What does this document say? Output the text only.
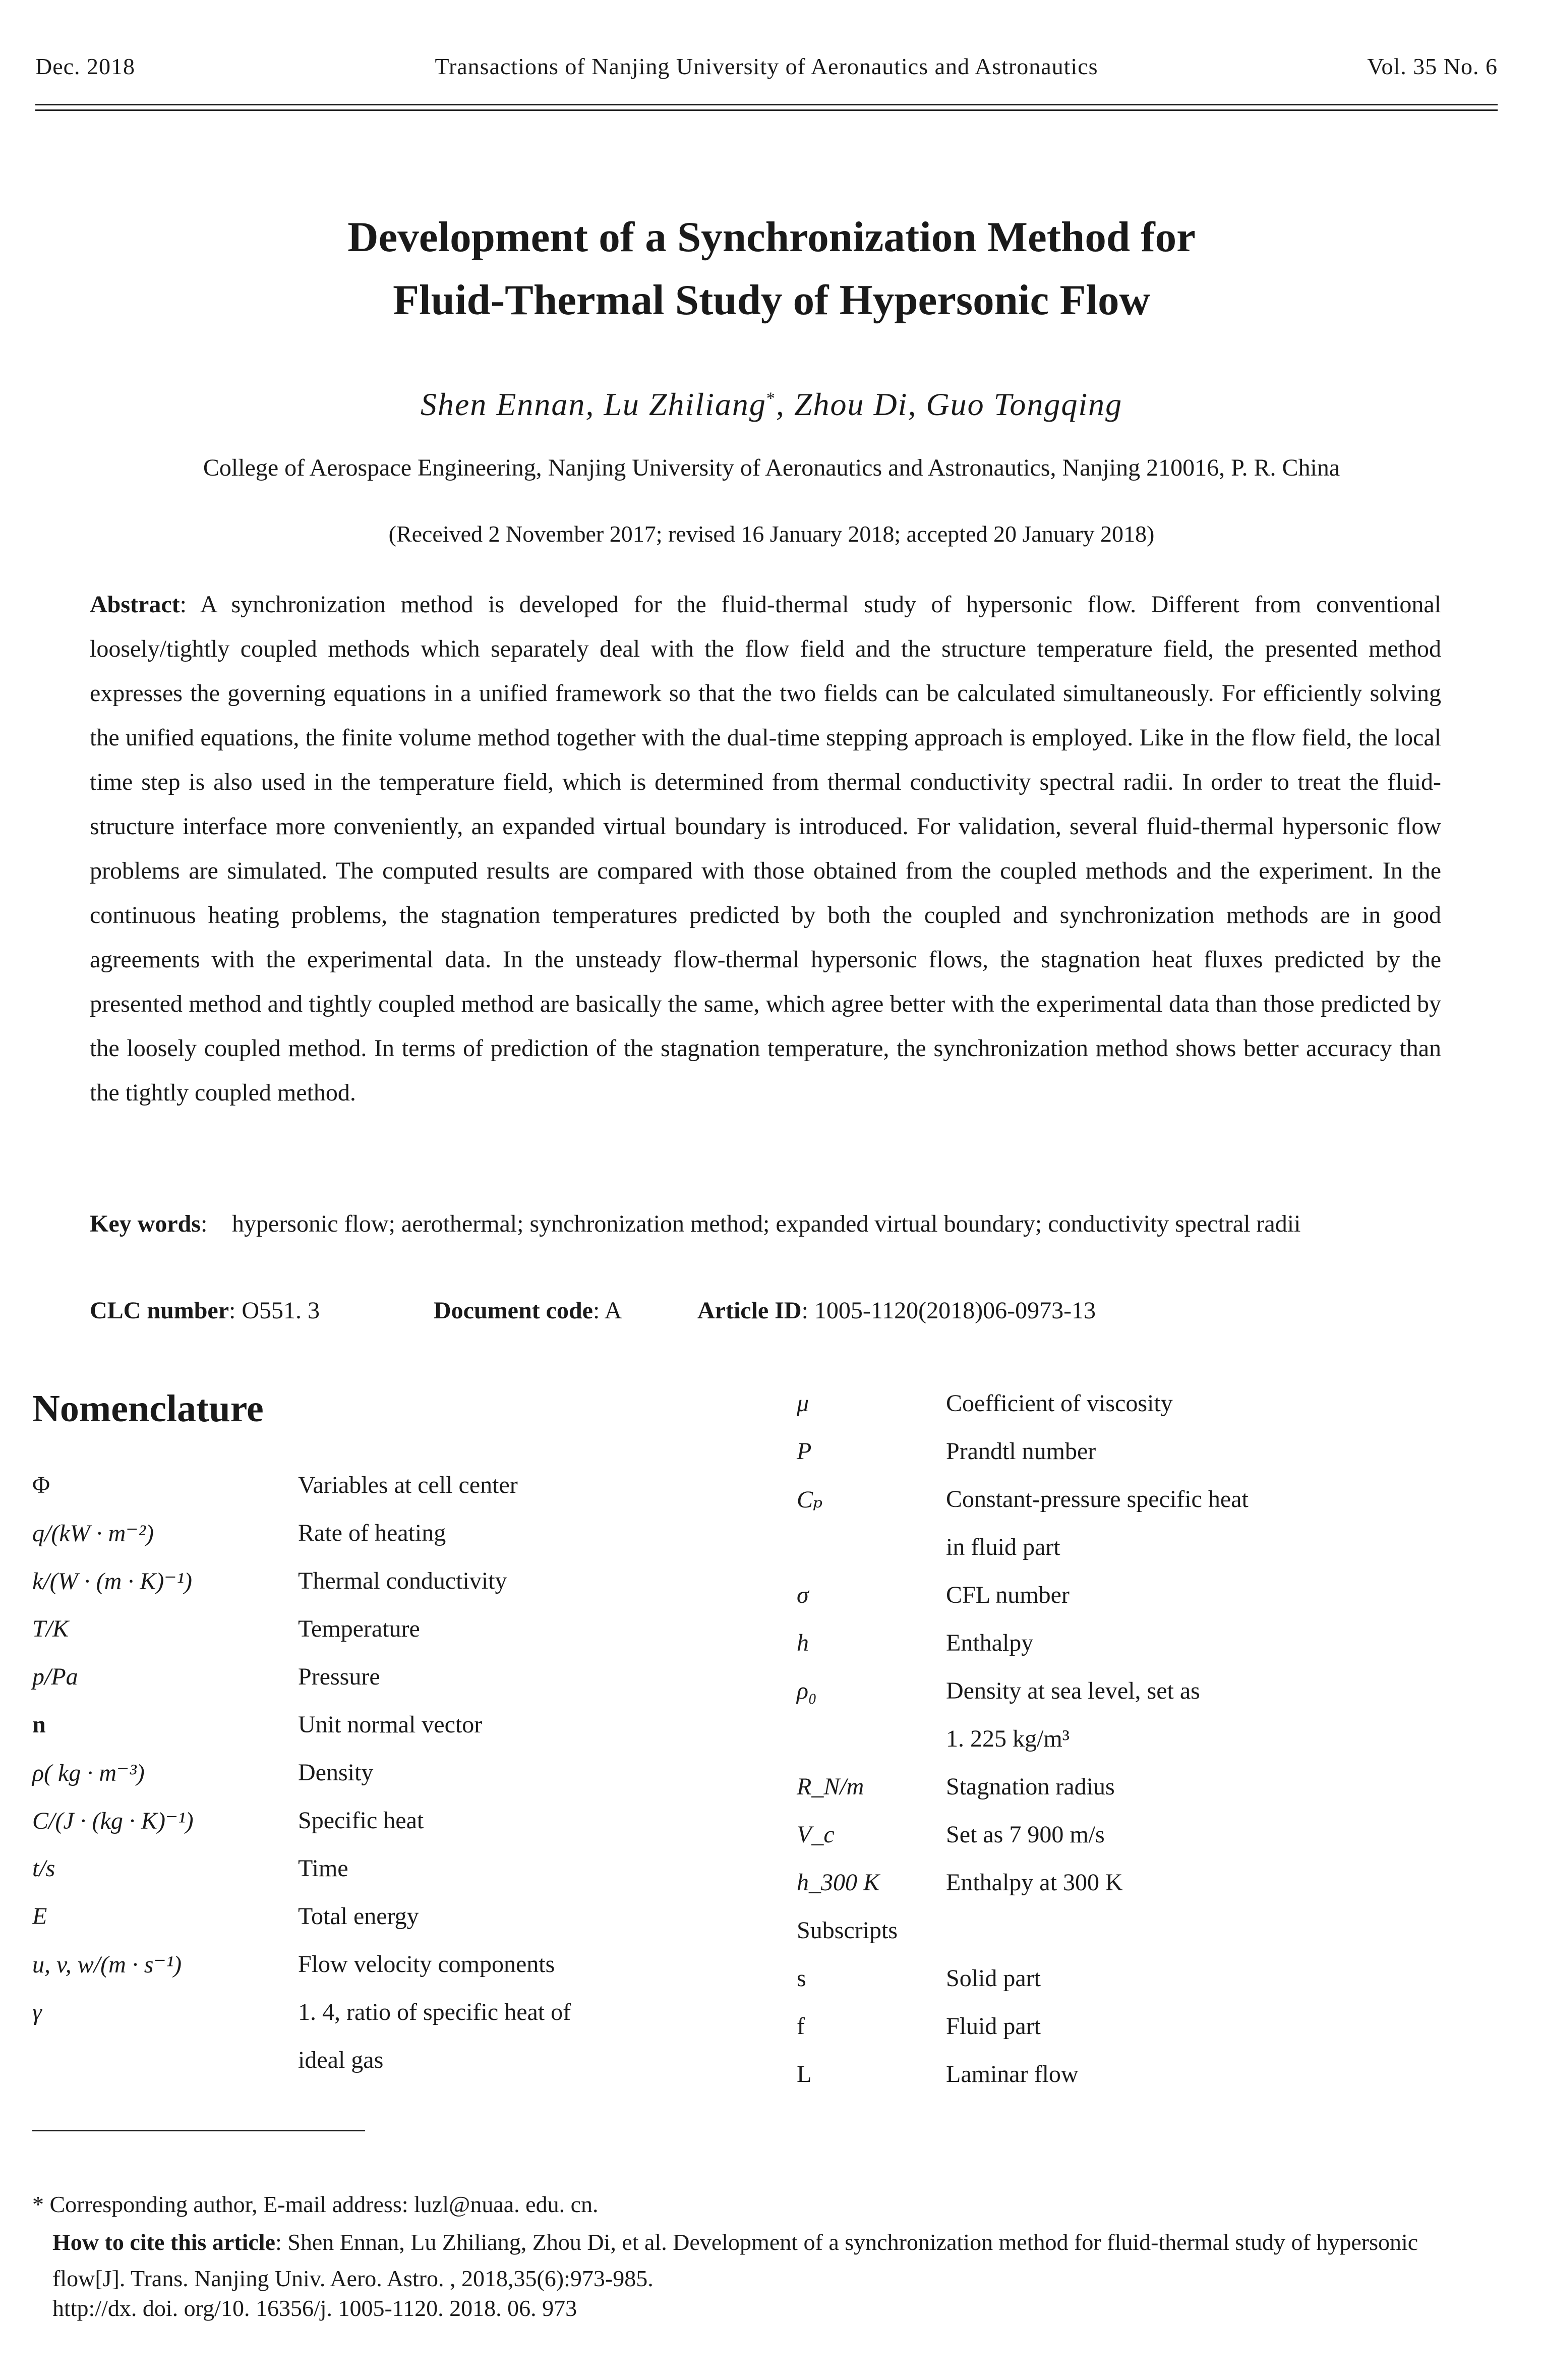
Dec. 2018	Transactions of Nanjing University of Aeronautics and Astronautics	Vol. 35 No. 6
Development of a Synchronization Method for
Fluid-Thermal Study of Hypersonic Flow
Shen Ennan, Lu Zhiliang*, Zhou Di, Guo Tongqing
College of Aerospace Engineering, Nanjing University of Aeronautics and Astronautics, Nanjing 210016, P. R. China
(Received 2 November 2017; revised 16 January 2018; accepted 20 January 2018)
Abstract: A synchronization method is developed for the fluid-thermal study of hypersonic flow. Different from conventional loosely/tightly coupled methods which separately deal with the flow field and the structure temperature field, the presented method expresses the governing equations in a unified framework so that the two fields can be calculated simultaneously. For efficiently solving the unified equations, the finite volume method together with the dual-time stepping approach is employed. Like in the flow field, the local time step is also used in the temperature field, which is determined from thermal conductivity spectral radii. In order to treat the fluid-structure interface more conveniently, an expanded virtual boundary is introduced. For validation, several fluid-thermal hypersonic flow problems are simulated. The computed results are compared with those obtained from the coupled methods and the experiment. In the continuous heating problems, the stagnation temperatures predicted by both the coupled and synchronization methods are in good agreements with the experimental data. In the unsteady flow-thermal hypersonic flows, the stagnation heat fluxes predicted by the presented method and tightly coupled method are basically the same, which agree better with the experimental data than those predicted by the loosely coupled method. In terms of prediction of the stagnation temperature, the synchronization method shows better accuracy than the tightly coupled method.
Key words: hypersonic flow; aerothermal; synchronization method; expanded virtual boundary; conductivity spectral radii
CLC number : O551. 3	Document code : A	Article ID : 1005-1120(2018)06-0973-13
Nomenclature
Φ	Variables at cell center
q/(kW · m⁻²)	Rate of heating
k/(W · (m · K)⁻¹)	Thermal conductivity
T/K	Temperature
p/Pa	Pressure
n	Unit normal vector
ρ( kg · m⁻³)	Density
C/(J · (kg · K)⁻¹)	Specific heat
t/s	Time
E	Total energy
u, v, w/(m · s⁻¹)	Flow velocity components
γ	1. 4, ratio of specific heat of
ideal gas
μ	Coefficient of viscosity
P	Prandtl number
Cₚ	Constant-pressure specific heat
in fluid part
σ	CFL number
h	Enthalpy
ρ₀	Density at sea level, set as
1. 225 kg/m³
R_N/m	Stagnation radius
V_c	Set as 7 900 m/s
h_300 K	Enthalpy at 300 K
Subscripts
s	Solid part
f	Fluid part
L	Laminar flow
* Corresponding author, E-mail address: luzl@nuaa. edu. cn.
How to cite this article: Shen Ennan, Lu Zhiliang, Zhou Di, et al. Development of a synchronization method for fluid-thermal study of hypersonic flow[J]. Trans. Nanjing Univ. Aero. Astro. , 2018,35(6):973-985.
http://dx. doi. org/10. 16356/j. 1005-1120. 2018. 06. 973
